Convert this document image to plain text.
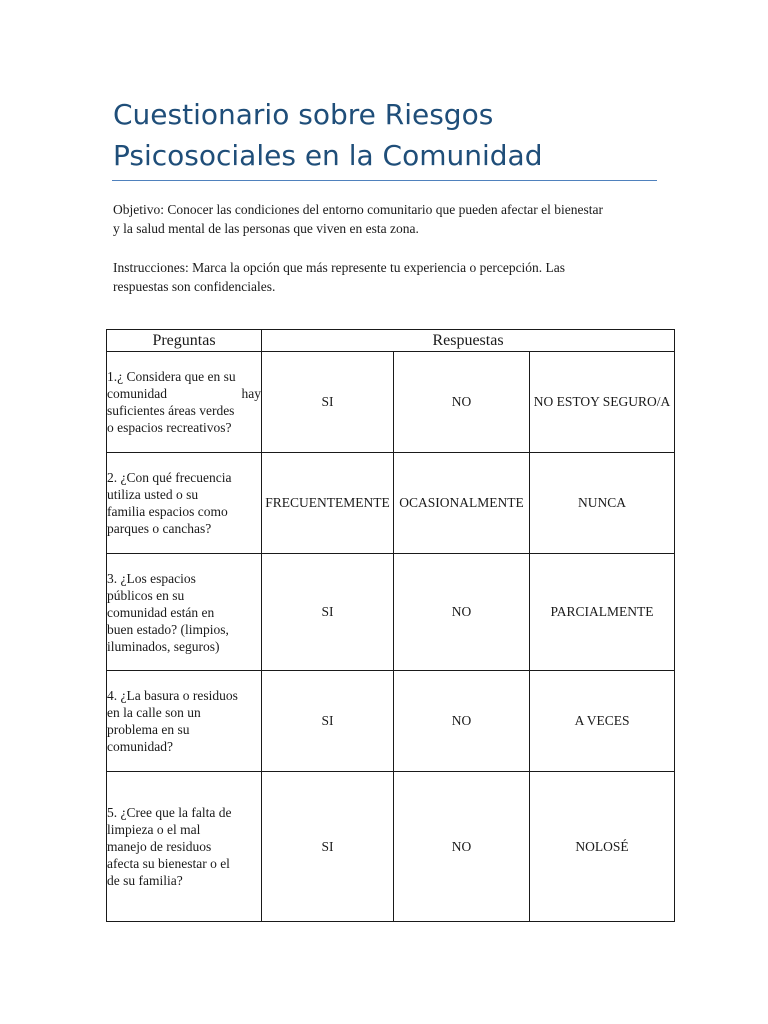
Cuestionario sobre Riesgos
Psicosociales en la Comunidad

Objetivo: Conocer las condiciones del entorno comunitario que pueden afectar el bienestar
y la salud mental de las personas que viven en esta zona.

Instrucciones: Marca la opción que más represente tu experiencia o percepción. Las
respuestas son confidenciales.

Preguntas	Respuestas		

1.¿ Considera que en su
comunidad hay
suficientes áreas verdes
o espacios recreativos?	SI	NO	NO ESTOY SEGURO/A

2. ¿Con qué frecuencia
utiliza usted o su
familia espacios como
parques o canchas?	FRECUENTEMENTE	OCASIONALMENTE	NUNCA

3. ¿Los espacios
públicos en su
comunidad están en
buen estado? (limpios,
iluminados, seguros)	SI	NO	PARCIALMENTE

4. ¿La basura o residuos
en la calle son un
problema en su
comunidad?	SI	NO	A VECES

5. ¿Cree que la falta de
limpieza o el mal
manejo de residuos
afecta su bienestar o el
de su familia?	SI	NO	NOLOSÉ
